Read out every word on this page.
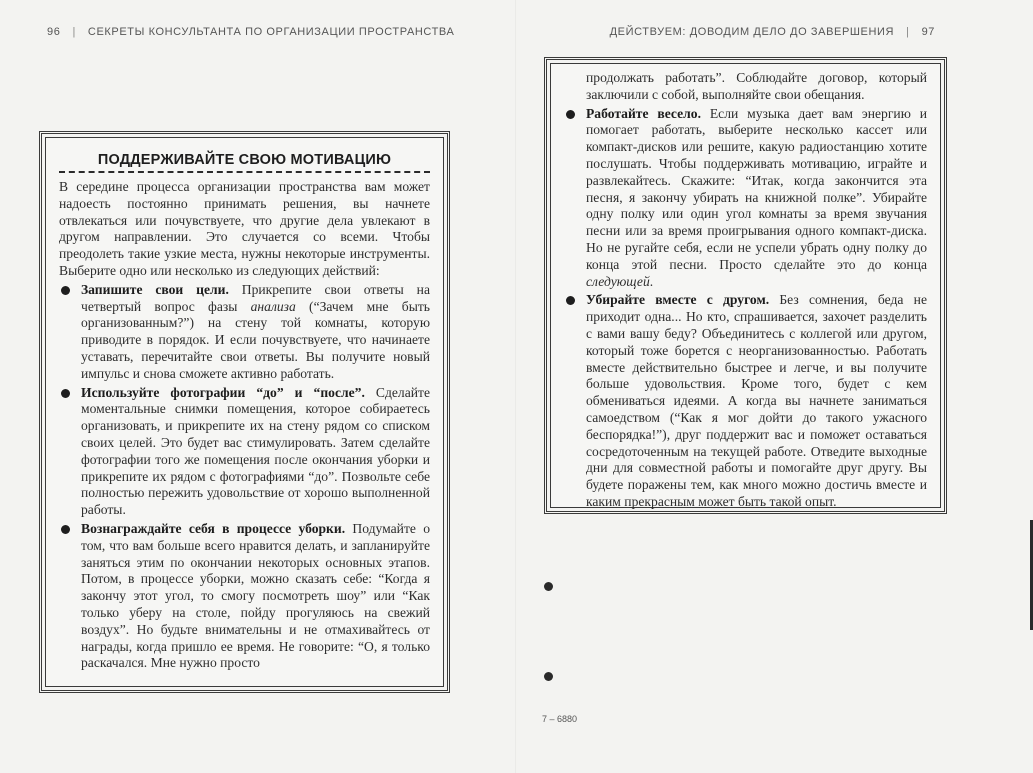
96 | СЕКРЕТЫ КОНСУЛЬТАНТА ПО ОРГАНИЗАЦИИ ПРОСТРАНСТВА	ДЕЙСТВУЕМ: ДОВОДИМ ДЕЛО ДО ЗАВЕРШЕНИЯ | 97
ПОДДЕРЖИВАЙТЕ СВОЮ МОТИВАЦИЮ

В середине процесса организации пространства вам может надоесть постоянно принимать решения, вы начнете отвлекаться или почувствуете, что другие дела увлекают в другом направлении. Это случается со всеми. Чтобы преодолеть такие узкие места, нужны некоторые инструменты. Выберите одно или несколько из следующих действий:

Запишите свои цели. Прикрепите свои ответы на четвертый вопрос фазы анализа (“Зачем мне быть организованным?”) на стену той комнаты, которую приводите в порядок. И если почувствуете, что начинаете уставать, перечитайте свои ответы. Вы получите новый импульс и снова сможете активно работать.
Используйте фотографии “до” и “после”. Сделайте моментальные снимки помещения, которое собираетесь организовать, и прикрепите их на стену рядом со списком своих целей. Это будет вас стимулировать. Затем сделайте фотографии того же помещения после окончания уборки и прикрепите их рядом с фотографиями “до”. Позвольте себе полностью пережить удовольствие от хорошо выполненной работы.
Вознаграждайте себя в процессе уборки. Подумайте о том, что вам больше всего нравится делать, и запланируйте заняться этим по окончании некоторых основных этапов. Потом, в процессе уборки, можно сказать себе: “Когда я закончу этот угол, то смогу посмотреть шоу” или “Как только уберу на столе, пойду прогуляюсь на свежий воздух”. Но будьте внимательны и не отмахивайтесь от награды, когда пришло ее время. Не говорите: “О, я только раскачался. Мне нужно просто

продолжать работать”. Соблюдайте договор, который заключили с собой, выполняйте свои обещания.

Работайте весело. Если музыка дает вам энергию и помогает работать, выберите несколько кассет или компакт-дисков или решите, какую радиостанцию хотите послушать. Чтобы поддерживать мотивацию, играйте и развлекайтесь. Скажите: “Итак, когда закончится эта песня, я закончу убирать на книжной полке”. Убирайте одну полку или один угол комнаты за время звучания песни или за время проигрывания одного компакт-диска. Но не ругайте себя, если не успели убрать одну полку до конца этой песни. Просто сделайте это до конца следующей.
Убирайте вместе с другом. Без сомнения, беда не приходит одна... Но кто, спрашивается, захочет разделить с вами вашу беду? Объединитесь с коллегой или другом, который тоже борется с неорганизованностью. Работать вместе действительно быстрее и легче, и вы получите больше удовольствия. Кроме того, будет с кем обмениваться идеями. А когда вы начнете заниматься самоедством (“Как я мог дойти до такого ужасного беспорядка!”), друг поддержит вас и поможет оставаться сосредоточенным на текущей работе. Отведите выходные дни для совместной работы и помогайте друг другу. Вы будете поражены тем, как много можно достичь вместе и каким прекрасным может быть такой опыт.
7 – 6880
